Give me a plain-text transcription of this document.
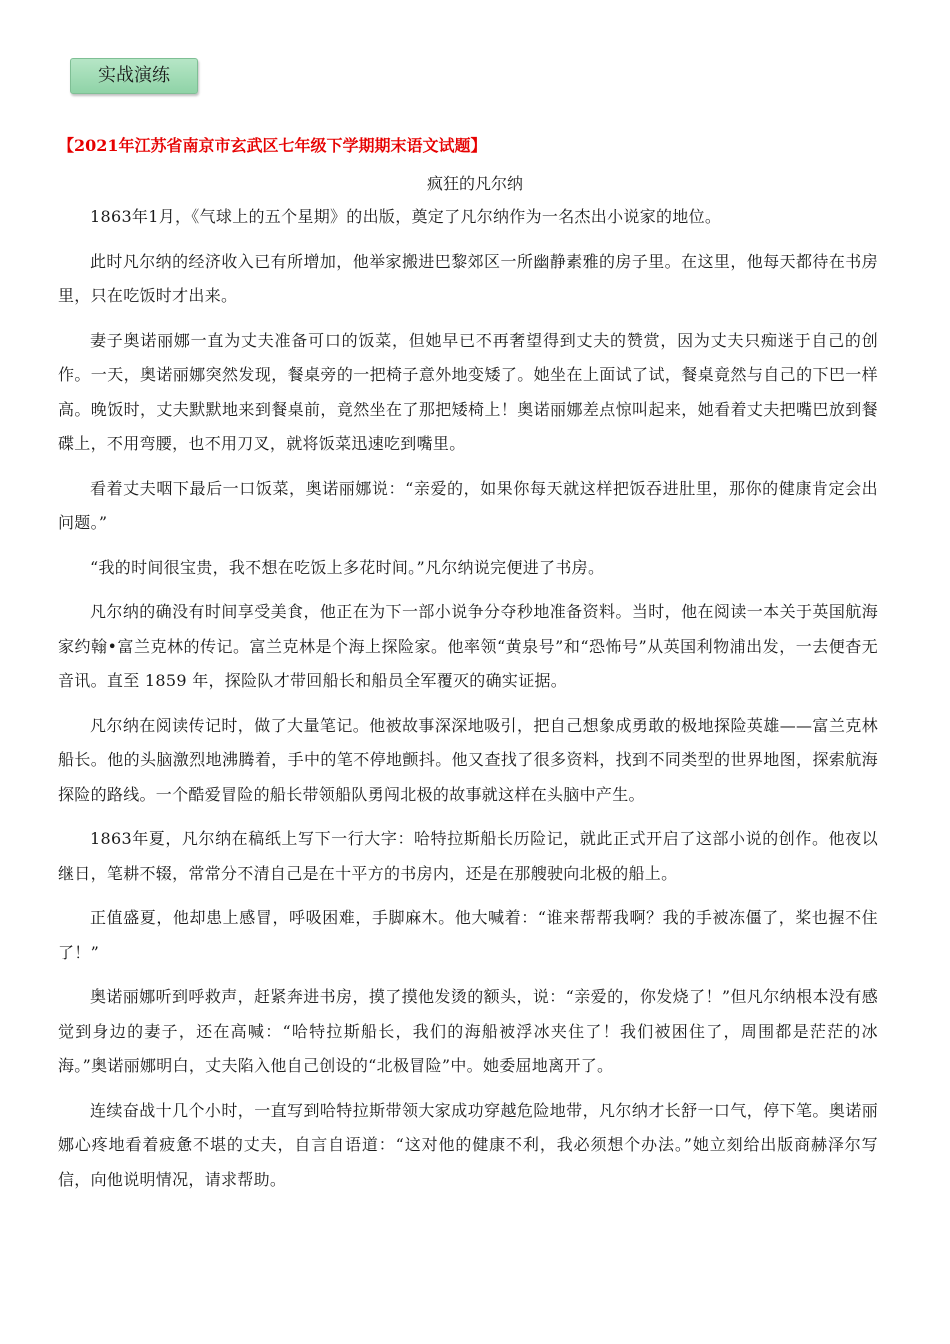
实战演练
【2021年江苏省南京市玄武区七年级下学期期末语文试题】
疯狂的凡尔纳

1863年1月，《气球上的五个星期》的出版，奠定了凡尔纳作为一名杰出小说家的地位。

此时凡尔纳的经济收入已有所增加，他举家搬进巴黎郊区一所幽静素雅的房子里。在这里，他每天都待在书房里，只在吃饭时才出来。

妻子奥诺丽娜一直为丈夫准备可口的饭菜，但她早已不再奢望得到丈夫的赞赏，因为丈夫只痴迷于自己的创作。一天，奥诺丽娜突然发现，餐桌旁的一把椅子意外地变矮了。她坐在上面试了试，餐桌竟然与自己的下巴一样高。晚饭时，丈夫默默地来到餐桌前，竟然坐在了那把矮椅上！奥诺丽娜差点惊叫起来，她看着丈夫把嘴巴放到餐碟上，不用弯腰，也不用刀叉，就将饭菜迅速吃到嘴里。

看着丈夫咽下最后一口饭菜，奥诺丽娜说：“亲爱的，如果你每天就这样把饭吞进肚里，那你的健康肯定会出问题。”

“我的时间很宝贵，我不想在吃饭上多花时间。”凡尔纳说完便进了书房。

凡尔纳的确没有时间享受美食，他正在为下一部小说争分夺秒地准备资料。当时，他在阅读一本关于英国航海家约翰•富兰克林的传记。富兰克林是个海上探险家。他率领“黄泉号”和“恐怖号”从英国利物浦出发，一去便杳无音讯。直至 1859 年，探险队才带回船长和船员全军覆灭的确实证据。

凡尔纳在阅读传记时，做了大量笔记。他被故事深深地吸引，把自己想象成勇敢的极地探险英雄——富兰克林船长。他的头脑激烈地沸腾着，手中的笔不停地颤抖。他又查找了很多资料，找到不同类型的世界地图，探索航海探险的路线。一个酷爱冒险的船长带领船队勇闯北极的故事就这样在头脑中产生。

1863年夏，凡尔纳在稿纸上写下一行大字：哈特拉斯船长历险记，就此正式开启了这部小说的创作。他夜以继日，笔耕不辍，常常分不清自己是在十平方的书房内，还是在那艘驶向北极的船上。

正值盛夏，他却患上感冒，呼吸困难，手脚麻木。他大喊着：“谁来帮帮我啊？我的手被冻僵了，桨也握不住了！”

奥诺丽娜听到呼救声，赶紧奔进书房，摸了摸他发烫的额头，说：“亲爱的，你发烧了！”但凡尔纳根本没有感觉到身边的妻子，还在高喊：“哈特拉斯船长，我们的海船被浮冰夹住了！我们被困住了，周围都是茫茫的冰海。”奥诺丽娜明白，丈夫陷入他自己创设的“北极冒险”中。她委屈地离开了。

连续奋战十几个小时，一直写到哈特拉斯带领大家成功穿越危险地带，凡尔纳才长舒一口气，停下笔。奥诺丽娜心疼地看着疲惫不堪的丈夫，自言自语道：“这对他的健康不利，我必须想个办法。”她立刻给出版商赫泽尔写信，向他说明情况，请求帮助。
